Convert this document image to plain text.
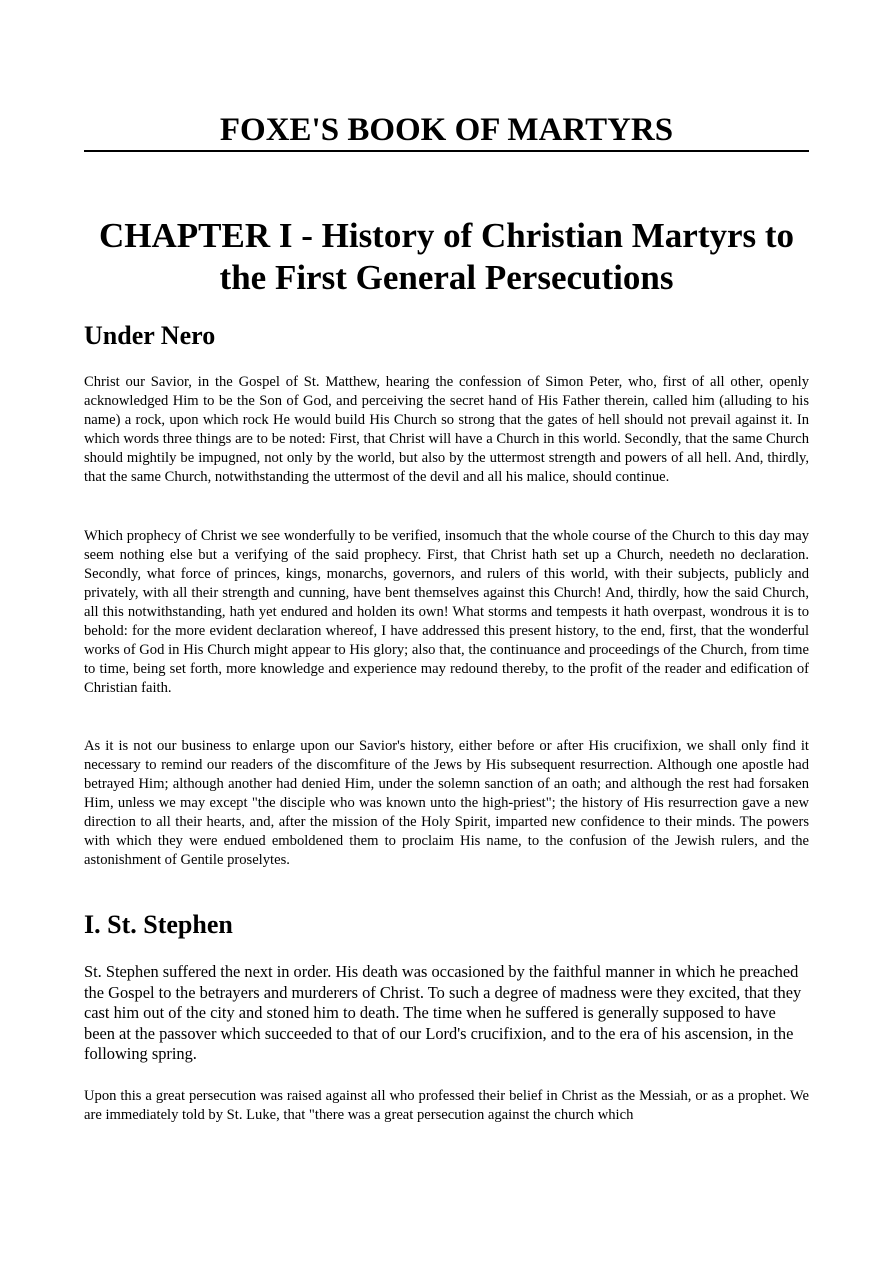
FOXE'S BOOK OF MARTYRS
CHAPTER I - History of Christian Martyrs to the First General Persecutions
Under Nero

Christ our Savior, in the Gospel of St. Matthew, hearing the confession of Simon Peter, who, first of all other, openly acknowledged Him to be the Son of God, and perceiving the secret hand of His Father therein, called him (alluding to his name) a rock, upon which rock He would build His Church so strong that the gates of hell should not prevail against it. In which words three things are to be noted: First, that Christ will have a Church in this world. Secondly, that the same Church should mightily be impugned, not only by the world, but also by the uttermost strength and powers of all hell. And, thirdly, that the same Church, notwithstanding the uttermost of the devil and all his malice, should continue.

Which prophecy of Christ we see wonderfully to be verified, insomuch that the whole course of the Church to this day may seem nothing else but a verifying of the said prophecy. First, that Christ hath set up a Church, needeth no declaration. Secondly, what force of princes, kings, monarchs, governors, and rulers of this world, with their subjects, publicly and privately, with all their strength and cunning, have bent themselves against this Church! And, thirdly, how the said Church, all this notwithstanding, hath yet endured and holden its own! What storms and tempests it hath overpast, wondrous it is to behold: for the more evident declaration whereof, I have addressed this present history, to the end, first, that the wonderful works of God in His Church might appear to His glory; also that, the continuance and proceedings of the Church, from time to time, being set forth, more knowledge and experience may redound thereby, to the profit of the reader and edification of Christian faith.

As it is not our business to enlarge upon our Savior's history, either before or after His crucifixion, we shall only find it necessary to remind our readers of the discomfiture of the Jews by His subsequent resurrection. Although one apostle had betrayed Him; although another had denied Him, under the solemn sanction of an oath; and although the rest had forsaken Him, unless we may except "the disciple who was known unto the high-priest"; the history of His resurrection gave a new direction to all their hearts, and, after the mission of the Holy Spirit, imparted new confidence to their minds. The powers with which they were endued emboldened them to proclaim His name, to the confusion of the Jewish rulers, and the astonishment of Gentile proselytes.

I. St. Stephen

St. Stephen suffered the next in order. His death was occasioned by the faithful manner in which he preached the Gospel to the betrayers and murderers of Christ. To such a degree of madness were they excited, that they cast him out of the city and stoned him to death. The time when he suffered is generally supposed to have been at the passover which succeeded to that of our Lord's crucifixion, and to the era of his ascension, in the following spring.

Upon this a great persecution was raised against all who professed their belief in Christ as the Messiah, or as a prophet. We are immediately told by St. Luke, that "there was a great persecution against the church which
